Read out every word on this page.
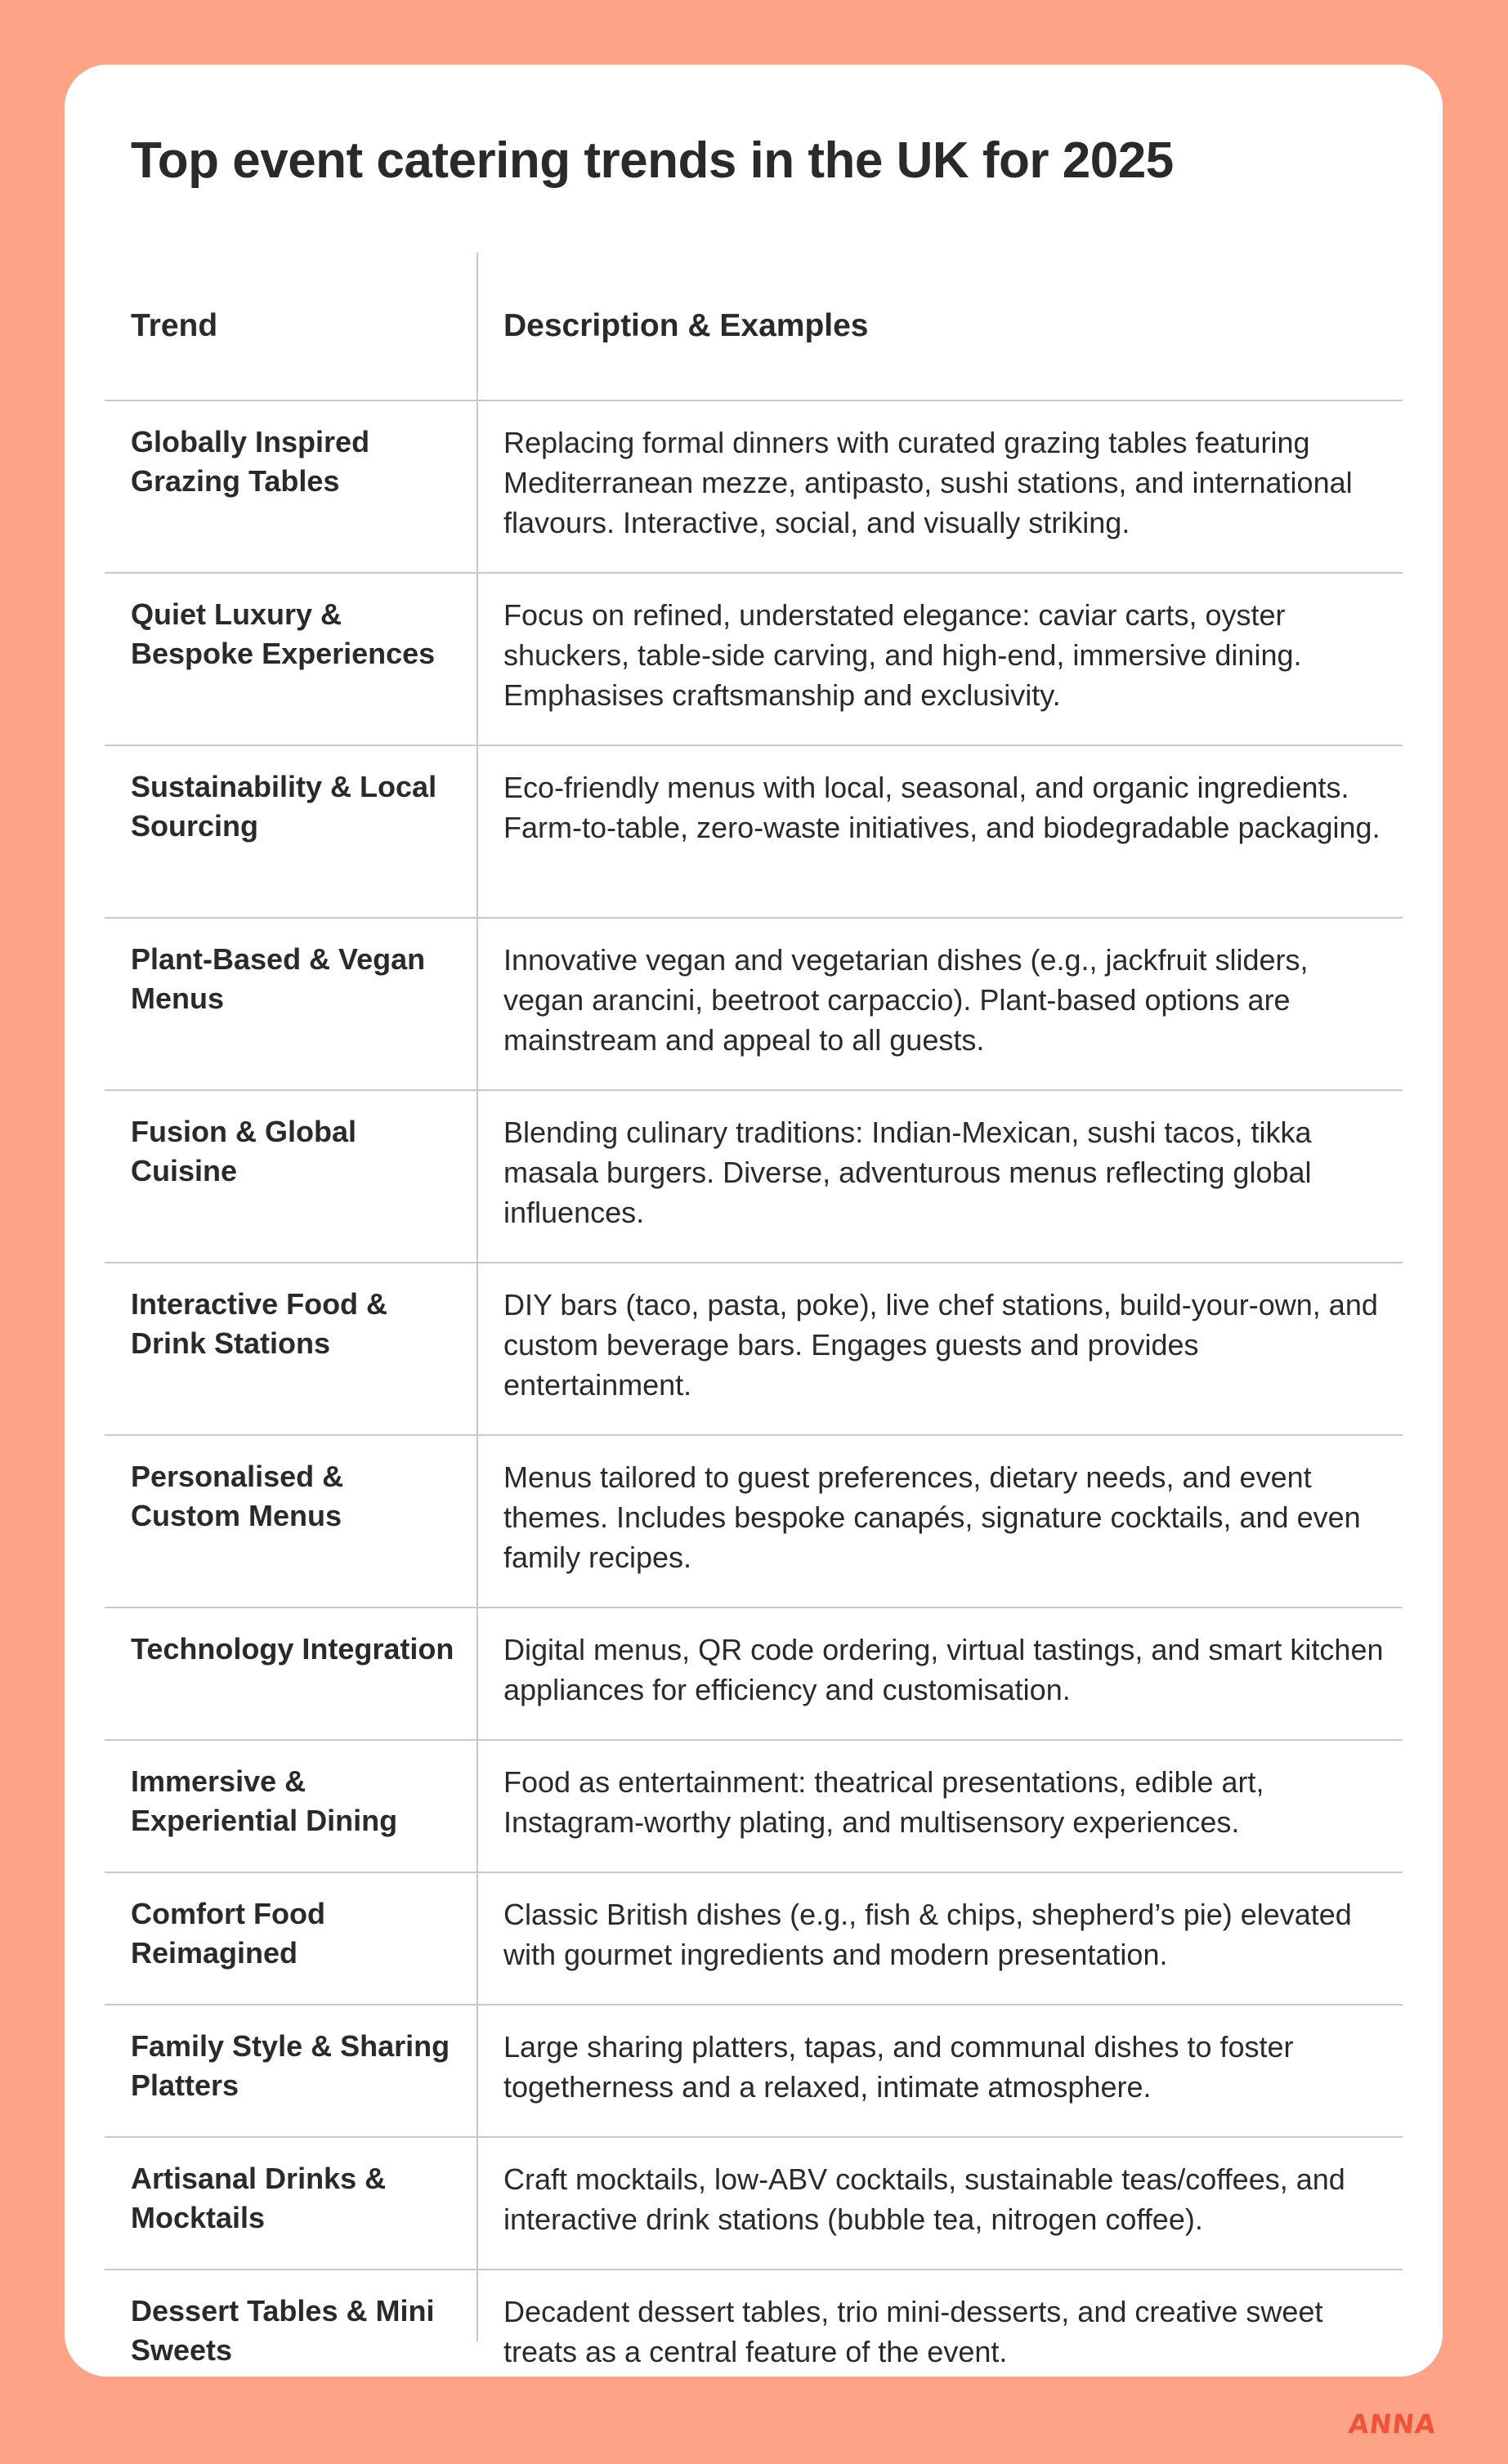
Top event catering trends in the UK for 2025
Trend	Description & Examples
Globally Inspired Grazing Tables
Replacing formal dinners with curated grazing tables featuring Mediterranean mezze, antipasto, sushi stations, and international flavours. Interactive, social, and visually striking.
Quiet Luxury & Bespoke Experiences
Focus on refined, understated elegance: caviar carts, oyster shuckers, table-side carving, and high-end, immersive dining. Emphasises craftsmanship and exclusivity.
Sustainability & Local Sourcing
Eco-friendly menus with local, seasonal, and organic ingredients. Farm-to-table, zero-waste initiatives, and biodegradable packaging.
Plant-Based & Vegan Menus
Innovative vegan and vegetarian dishes (e.g., jackfruit sliders, vegan arancini, beetroot carpaccio). Plant-based options are mainstream and appeal to all guests.
Fusion & Global Cuisine
Blending culinary traditions: Indian-Mexican, sushi tacos, tikka masala burgers. Diverse, adventurous menus reflecting global influences.
Interactive Food & Drink Stations
DIY bars (taco, pasta, poke), live chef stations, build-your-own, and custom beverage bars. Engages guests and provides entertainment.
Personalised & Custom Menus
Menus tailored to guest preferences, dietary needs, and event themes. Includes bespoke canapés, signature cocktails, and even family recipes.
Technology Integration	Digital menus, QR code ordering, virtual tastings, and smart kitchen appliances for efficiency and customisation.
Immersive & Experiential Dining
Food as entertainment: theatrical presentations, edible art, Instagram-worthy plating, and multisensory experiences.
Comfort Food Reimagined
Classic British dishes (e.g., fish & chips, shepherd’s pie) elevated with gourmet ingredients and modern presentation.
Family Style & Sharing Platters
Large sharing platters, tapas, and communal dishes to foster togetherness and a relaxed, intimate atmosphere.
Artisanal Drinks & Mocktails
Craft mocktails, low-ABV cocktails, sustainable teas/coffees, and interactive drink stations (bubble tea, nitrogen coffee).
Dessert Tables & Mini Sweets
Decadent dessert tables, trio mini-desserts, and creative sweet treats as a central feature of the event.
ANNA
